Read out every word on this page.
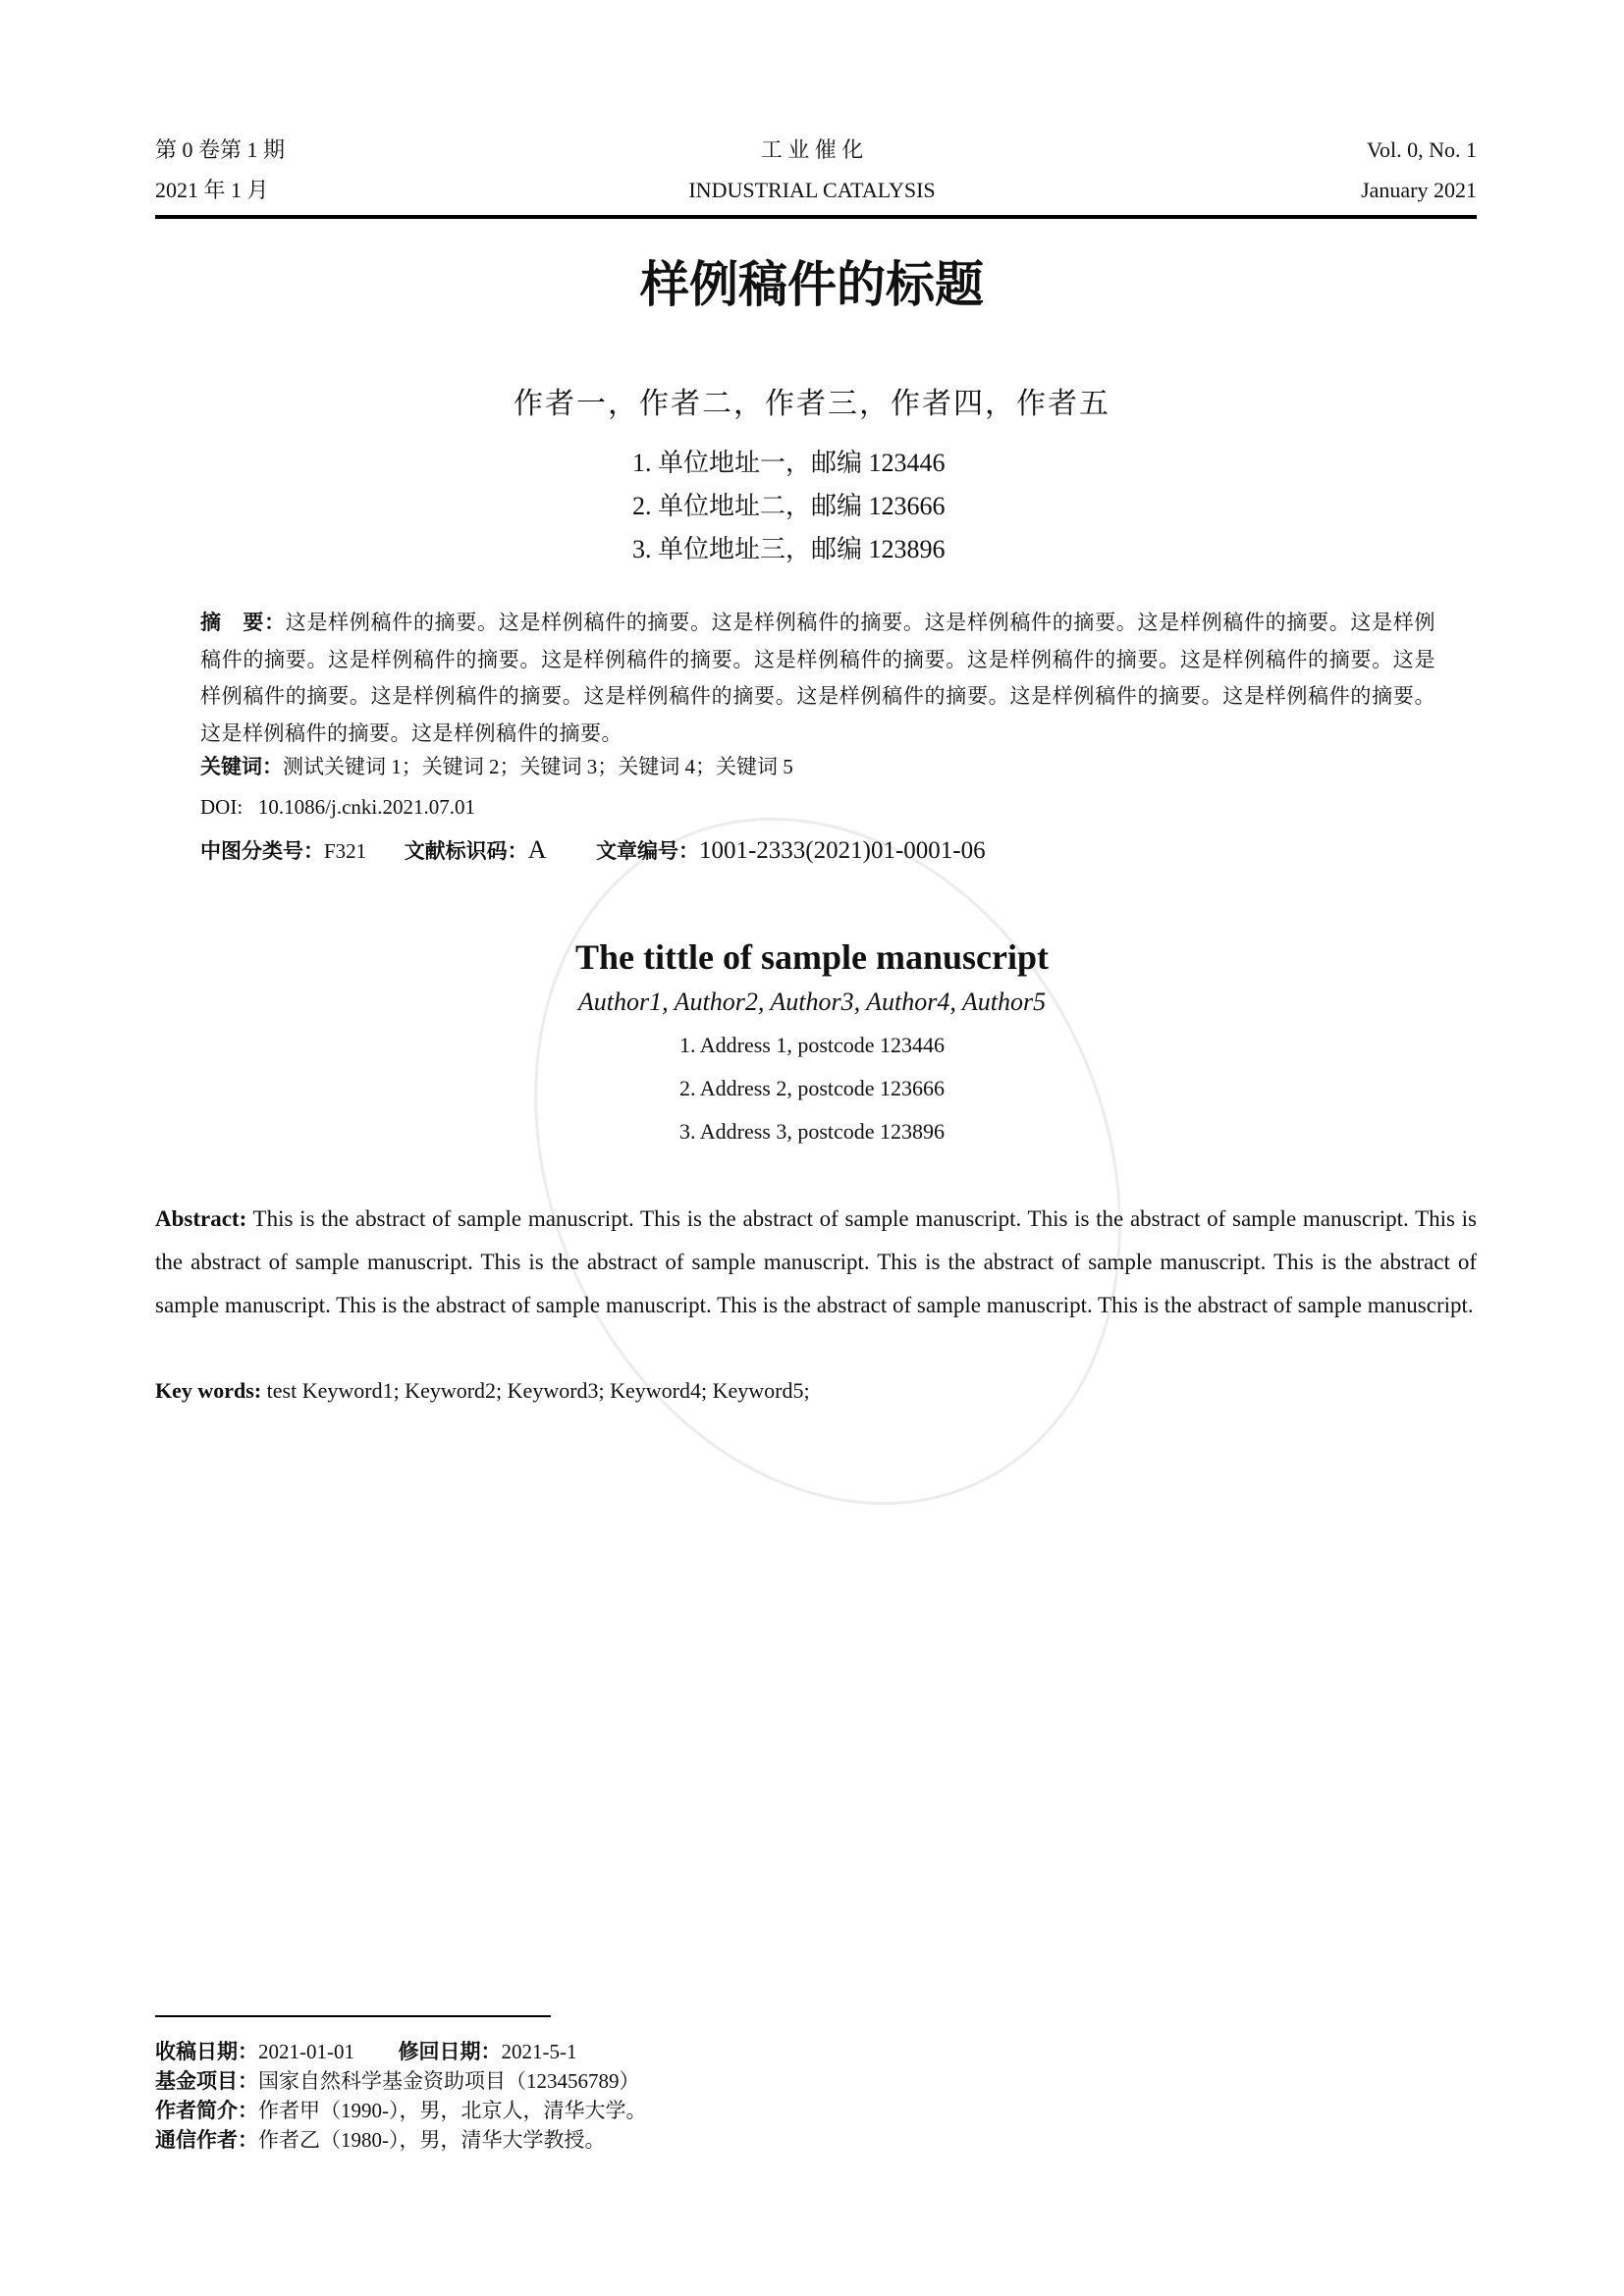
第 0 卷第 1 期
2021 年 1 月
工 业 催 化
INDUSTRIAL CATALYSIS
Vol. 0, No. 1
January 2021
样例稿件的标题
作者一，作者二，作者三，作者四，作者五
1. 单位地址一，邮编 123446
2. 单位地址二，邮编 123666
3. 单位地址三，邮编 123896
摘　要：这是样例稿件的摘要。这是样例稿件的摘要。这是样例稿件的摘要。这是样例稿件的摘要。这是样例稿件的摘要。这是样例稿件的摘要。这是样例稿件的摘要。这是样例稿件的摘要。这是样例稿件的摘要。这是样例稿件的摘要。这是样例稿件的摘要。这是样例稿件的摘要。这是样例稿件的摘要。这是样例稿件的摘要。这是样例稿件的摘要。这是样例稿件的摘要。这是样例稿件的摘要。这是样例稿件的摘要。这是样例稿件的摘要。
关键词：测试关键词 1；关键词 2；关键词 3；关键词 4；关键词 5
DOI: 10.1086/j.cnki.2021.07.01
中图分类号：F321 文献标识码：A 文章编号：1001-2333(2021)01-0001-06
The tittle of sample manuscript
Author1, Author2, Author3, Author4, Author5
1. Address 1, postcode 123446
2. Address 2, postcode 123666
3. Address 3, postcode 123896
Abstract: This is the abstract of sample manuscript. This is the abstract of sample manuscript. This is the abstract of sample manuscript. This is the abstract of sample manuscript. This is the abstract of sample manuscript. This is the abstract of sample manuscript. This is the abstract of sample manuscript. This is the abstract of sample manuscript. This is the abstract of sample manuscript. This is the abstract of sample manuscript.
Key words: test Keyword1; Keyword2; Keyword3; Keyword4; Keyword5;
收稿日期：2021-01-01 修回日期：2021-5-1
基金项目：国家自然科学基金资助项目（123456789）
作者简介：作者甲（1990-），男，北京人，清华大学。
通信作者：作者乙（1980-），男，清华大学教授。
